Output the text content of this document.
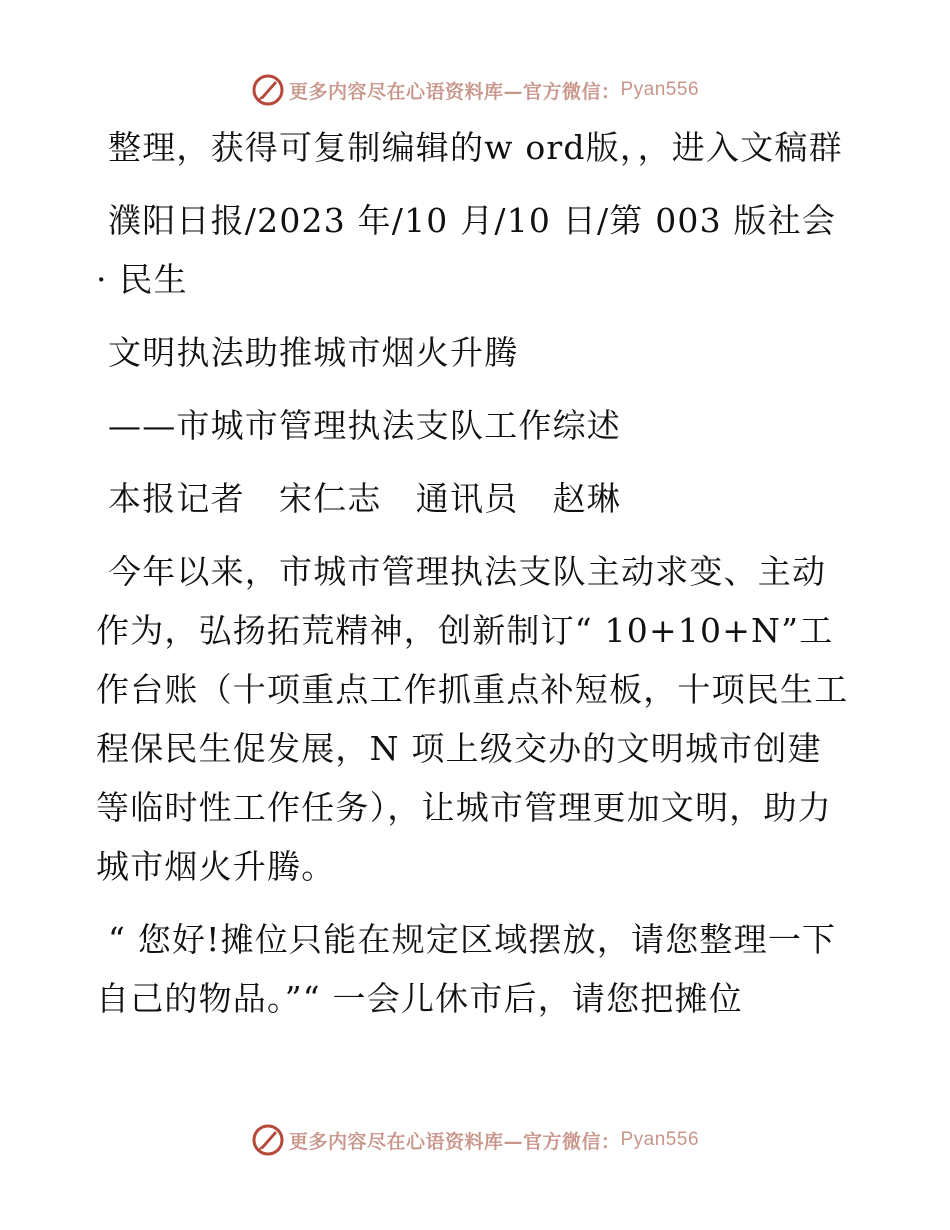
更多内容尽在心语资料库—官方微信： Pyan556

整理，获得可复制编辑的w ord版，，进入文稿群

濮阳日报/2023 年/10 月/10 日/第 003 版社会 · 民生

文明执法助推城市烟火升腾

——市城市管理执法支队工作综述

本报记者　宋仁志　通讯员　赵琳

今年以来，市城市管理执法支队主动求变、主动作为，弘扬拓荒精神，创新制订“ 10+10+N”工作台账（十项重点工作抓重点补短板，十项民生工程保民生促发展，N 项上级交办的文明城市创建等临时性工作任务），让城市管理更加文明，助力城市烟火升腾。

“ 您好!摊位只能在规定区域摆放，请您整理一下自己的物品。”“ 一会儿休市后，请您把摊位

更多内容尽在心语资料库—官方微信： Pyan556
